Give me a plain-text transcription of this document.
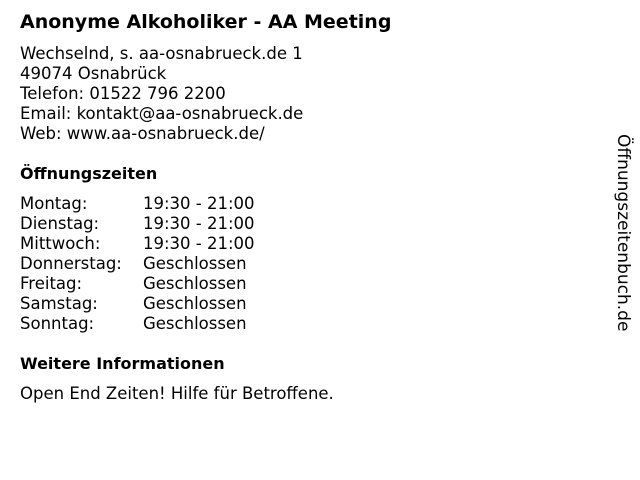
Anonyme Alkoholiker - AA Meeting
Wechselnd, s. aa-osnabrueck.de 1
49074 Osnabrück
Telefon: 01522 796 2200
Email: kontakt@aa-osnabrueck.de
Web: www.aa-osnabrueck.de/
Öffnungszeiten
Montag:	19:30 - 21:00
Dienstag:	19:30 - 21:00
Mittwoch:	19:30 - 21:00
Donnerstag: Geschlossen
Freitag:	Geschlossen
Samstag:	Geschlossen
Sonntag:	Geschlossen
Weitere Informationen
Open End Zeiten! Hilfe für Betroffene.
Öffnungszeitenbuch.de
